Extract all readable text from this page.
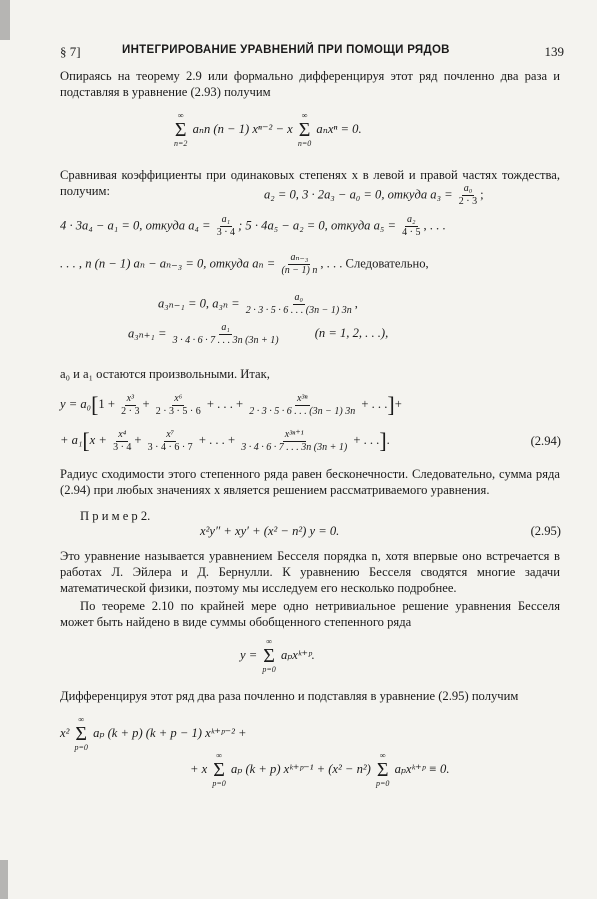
§ 7]	ИНТЕГРИРОВАНИЕ УРАВНЕНИЙ ПРИ ПОМОЩИ РЯДОВ	139
Опираясь на теорему 2.9 или формально дифференцируя этот ряд почленно два раза и подставляя в уравнение (2.93) получим
∞
Σ
n=2
aₙn (n − 1) xⁿ⁻² − x
∞
Σ
n=0
aₙxⁿ = 0.
Сравнивая коэффициенты при одинаковых степенях x в левой и правой частях тождества, получим:	a₂ = 0, 3 · 2a₃ − a₀ = 0, откуда $a_3 = \frac{\text{a₀}}{2 \cdot 3}$ ;
4 · 3a₄ − a₁ = 0, откуда $a_4 = \frac{\text{a₁}}{3 \cdot 4}$ ; 5 · 4a₅ − a₂ = 0, откуда $a_5 = \frac{\text{a₂}}{4 \cdot 5}$ , . . .
. . . , n (n − 1) aₙ − aₙ₋₃ = 0, откуда $a_n = \frac{\text{aₙ₋₃}}{(n - 1) n}$ , . . . Следовательно,
a₃ₙ₋₁ = 0, $a_{3n} = \frac{\text{a₀}}{2 \cdot 3 \cdot 5 \cdot 6 . . . (3n - 1) 3n}$ ,
$a_{3n+1} = \frac{\text{a₁}}{3 \cdot 4 \cdot 6 \cdot 7 . . . 3n (3n + 1)}$	(n = 1, 2, . . .),
a₀ и a₁ остаются произвольными. Итак,
$y = a_0[1 + \frac{\text{x³}}{2 \cdot 3} + \frac{\text{x⁶}}{2 \cdot 3 \cdot 5 \cdot 6}$ + . . . + $\frac{\text{x³ⁿ}}{2 \cdot 3 \cdot 5 \cdot 6 . . . (3n - 1) 3n}$ + . . .]+
+ $a_1[x + \frac{\text{x⁴}}{3 \cdot 4} + \frac{\text{x⁷}}{3 \cdot 4 \cdot 6 \cdot 7}$ + . . . + $\frac{\text{x³ⁿ⁺¹}}{3 \cdot 4 \cdot 6 \cdot 7 . . . 3n (3n + 1)}$ + . . .].	(2.94)
Радиус сходимости этого степенного ряда равен бесконечности. Следовательно, сумма ряда (2.94) при любых значениях x является решением рассматриваемого уравнения.
П р и м е р 2.
x²y″ + xy′ + (x² − n²) y = 0.	(2.95)
Это уравнение называется уравнением Бесселя порядка n, хотя впервые оно встречается в работах Л. Эйлера и Д. Бернулли. К уравнению Бесселя сводятся многие задачи математической физики, поэтому мы исследуем его несколько подробнее.
По теореме 2.10 по крайней мере одно нетривиальное решение уравнения Бесселя может быть найдено в виде суммы обобщенного степенного ряда
y =
∞
Σ
p=0
aₚxᵏ⁺ᵖ.
Дифференцируя этот ряд два раза почленно и подставляя в уравнение (2.95) получим
x²
∞
Σ
p=0
aₚ (k + p) (k + p − 1) xᵏ⁺ᵖ⁻² +
+ x
∞
Σ
p=0
aₚ (k + p) xᵏ⁺ᵖ⁻¹ + (x² − n²)
∞
Σ
p=0
aₚxᵏ⁺ᵖ ≡ 0.
